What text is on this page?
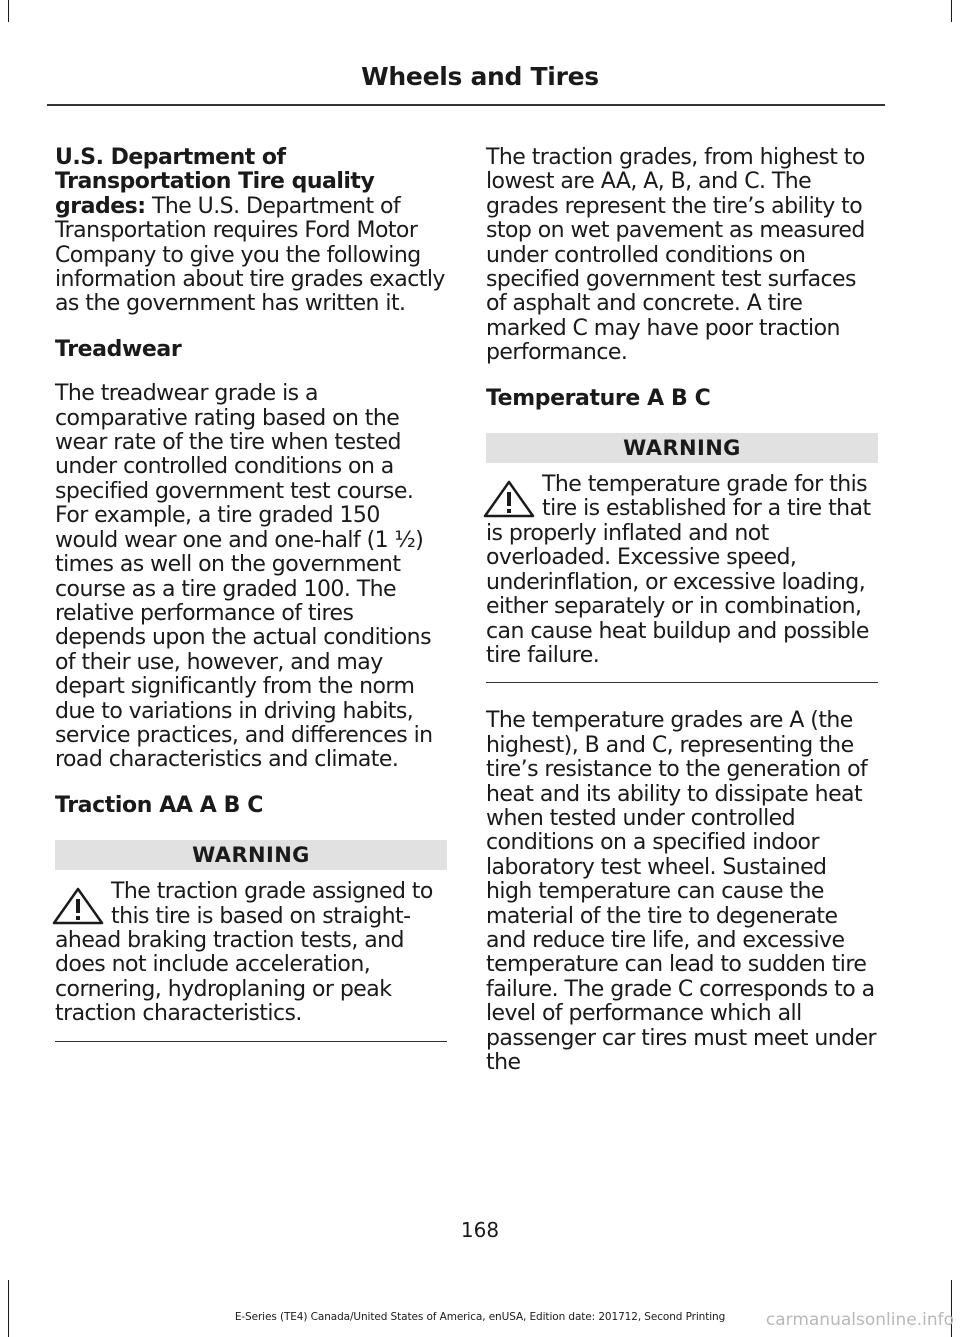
Wheels and Tires

U.S. Department of Transportation Tire quality grades: The U.S. Department of Transportation requires Ford Motor Company to give you the following information about tire grades exactly as the government has written it.

Treadwear

The treadwear grade is a comparative rating based on the wear rate of the tire when tested under controlled conditions on a specified government test course. For example, a tire graded 150 would wear one and one-half (1 ½) times as well on the government course as a tire graded 100. The relative performance of tires depends upon the actual conditions of their use, however, and may depart significantly from the norm due to variations in driving habits, service practices, and differences in road characteristics and climate.

Traction AA A B C

WARNING
The traction grade assigned to this tire is based on straight-ahead braking traction tests, and does not include acceleration, cornering, hydroplaning or peak traction characteristics.

The traction grades, from highest to lowest are AA, A, B, and C. The grades represent the tire’s ability to stop on wet pavement as measured under controlled conditions on specified government test surfaces of asphalt and concrete. A tire marked C may have poor traction performance.

Temperature A B C

WARNING
The temperature grade for this tire is established for a tire that is properly inflated and not overloaded. Excessive speed, underinflation, or excessive loading, either separately or in combination, can cause heat buildup and possible tire failure.

The temperature grades are A (the highest), B and C, representing the tire’s resistance to the generation of heat and its ability to dissipate heat when tested under controlled conditions on a specified indoor laboratory test wheel. Sustained high temperature can cause the material of the tire to degenerate and reduce tire life, and excessive temperature can lead to sudden tire failure. The grade C corresponds to a level of performance which all passenger car tires must meet under the

168
E-Series (TE4) Canada/United States of America, enUSA, Edition date: 201712, Second Printing	carmanualsonline.info
